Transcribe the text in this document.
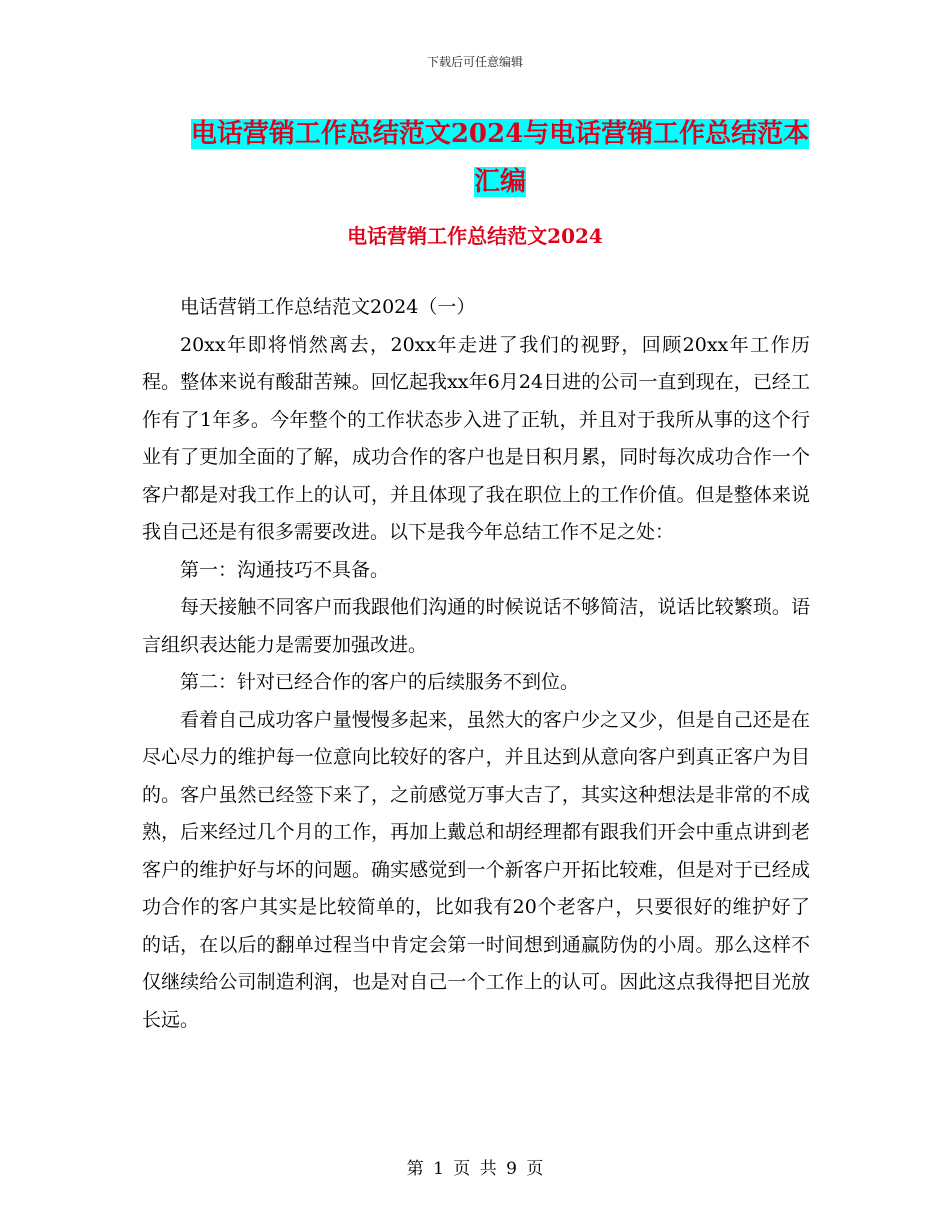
下载后可任意编辑
电话营销工作总结范文2024与电话营销工作总结范本汇编
电话营销工作总结范文2024

电话营销工作总结范文2024（一）

20xx年即将悄然离去，20xx年走进了我们的视野，回顾20xx年工作历程。整体来说有酸甜苦辣。回忆起我xx年6月24日进的公司一直到现在，已经工作有了1年多。今年整个的工作状态步入进了正轨，并且对于我所从事的这个行业有了更加全面的了解，成功合作的客户也是日积月累，同时每次成功合作一个客户都是对我工作上的认可，并且体现了我在职位上的工作价值。但是整体来说我自己还是有很多需要改进。以下是我今年总结工作不足之处：

第一：沟通技巧不具备。

每天接触不同客户而我跟他们沟通的时候说话不够简洁，说话比较繁琐。语言组织表达能力是需要加强改进。

第二：针对已经合作的客户的后续服务不到位。

看着自己成功客户量慢慢多起来，虽然大的客户少之又少，但是自己还是在尽心尽力的维护每一位意向比较好的客户，并且达到从意向客户到真正客户为目的。客户虽然已经签下来了，之前感觉万事大吉了，其实这种想法是非常的不成熟，后来经过几个月的工作，再加上戴总和胡经理都有跟我们开会中重点讲到老客户的维护好与坏的问题。确实感觉到一个新客户开拓比较难，但是对于已经成功合作的客户其实是比较简单的，比如我有20个老客户，只要很好的维护好了的话，在以后的翻单过程当中肯定会第一时间想到通赢防伪的小周。那么这样不仅继续给公司制造利润，也是对自己一个工作上的认可。因此这点我得把目光放长远。

第 1 页 共 9 页
